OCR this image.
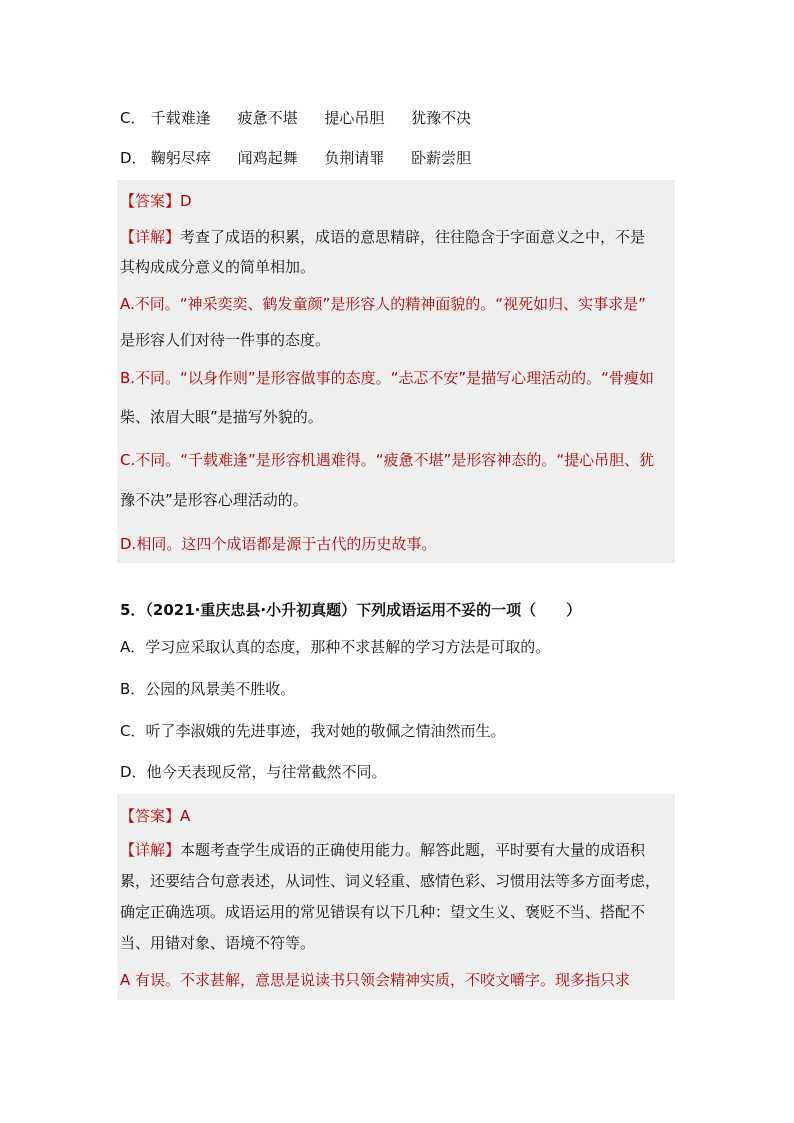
C． 千载难逢 疲惫不堪 提心吊胆 犹豫不决
D． 鞠躬尽瘁 闻鸡起舞 负荆请罪 卧薪尝胆
【答案】D
【详解】考查了成语的积累，成语的意思精辟，往往隐含于字面意义之中，不是
其构成成分意义的简单相加。
A.不同。“神采奕奕、鹤发童颜”是形容人的精神面貌的。“视死如归、实事求是”
是形容人们对待一件事的态度。
B.不同。“以身作则”是形容做事的态度。“忐忑不安”是描写心理活动的。“骨瘦如
柴、浓眉大眼”是描写外貌的。
C.不同。“千载难逢”是形容机遇难得。“疲惫不堪”是形容神态的。“提心吊胆、犹
豫不决”是形容心理活动的。
D.相同。这四个成语都是源于古代的历史故事。
5．（2021·重庆忠县·小升初真题）下列成语运用不妥的一项（　　）
A．学习应采取认真的态度，那种不求甚解的学习方法是可取的。
B．公园的风景美不胜收。
C．听了李淑娥的先进事迹，我对她的敬佩之情油然而生。
D．他今天表现反常，与往常截然不同。
【答案】A
【详解】本题考查学生成语的正确使用能力。解答此题，平时要有大量的成语积
累，还要结合句意表述，从词性、词义轻重、感情色彩、习惯用法等多方面考虑，
确定正确选项。成语运用的常见错误有以下几种：望文生义、褒贬不当、搭配不
当、用错对象、语境不符等。
A 有误。不求甚解，意思是说读书只领会精神实质，不咬文嚼字。现多指只求
